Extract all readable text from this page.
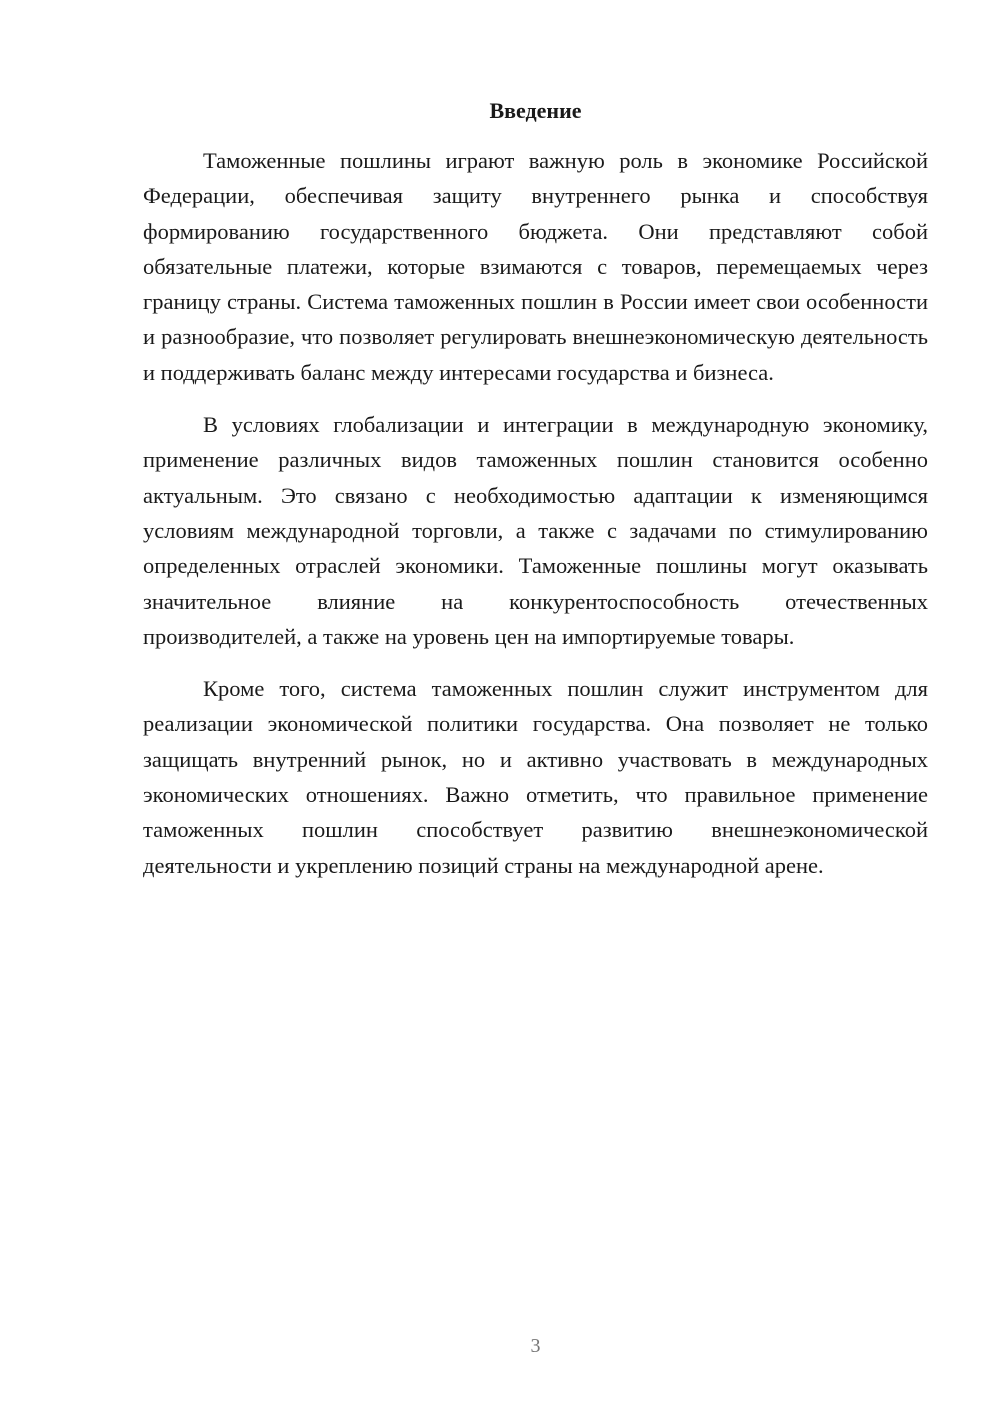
Введение

Таможенные пошлины играют важную роль в экономике Российской Федерации, обеспечивая защиту внутреннего рынка и способствуя формированию государственного бюджета. Они представляют собой обязательные платежи, которые взимаются с товаров, перемещаемых через границу страны. Система таможенных пошлин в России имеет свои особенности и разнообразие, что позволяет регулировать внешнеэкономическую деятельность и поддерживать баланс между интересами государства и бизнеса.

В условиях глобализации и интеграции в международную экономику, применение различных видов таможенных пошлин становится особенно актуальным. Это связано с необходимостью адаптации к изменяющимся условиям международной торговли, а также с задачами по стимулированию определенных отраслей экономики. Таможенные пошлины могут оказывать значительное влияние на конкурентоспособность отечественных производителей, а также на уровень цен на импортируемые товары.

Кроме того, система таможенных пошлин служит инструментом для реализации экономической политики государства. Она позволяет не только защищать внутренний рынок, но и активно участвовать в международных экономических отношениях. Важно отметить, что правильное применение таможенных пошлин способствует развитию внешнеэкономической деятельности и укреплению позиций страны на международной арене.

3
